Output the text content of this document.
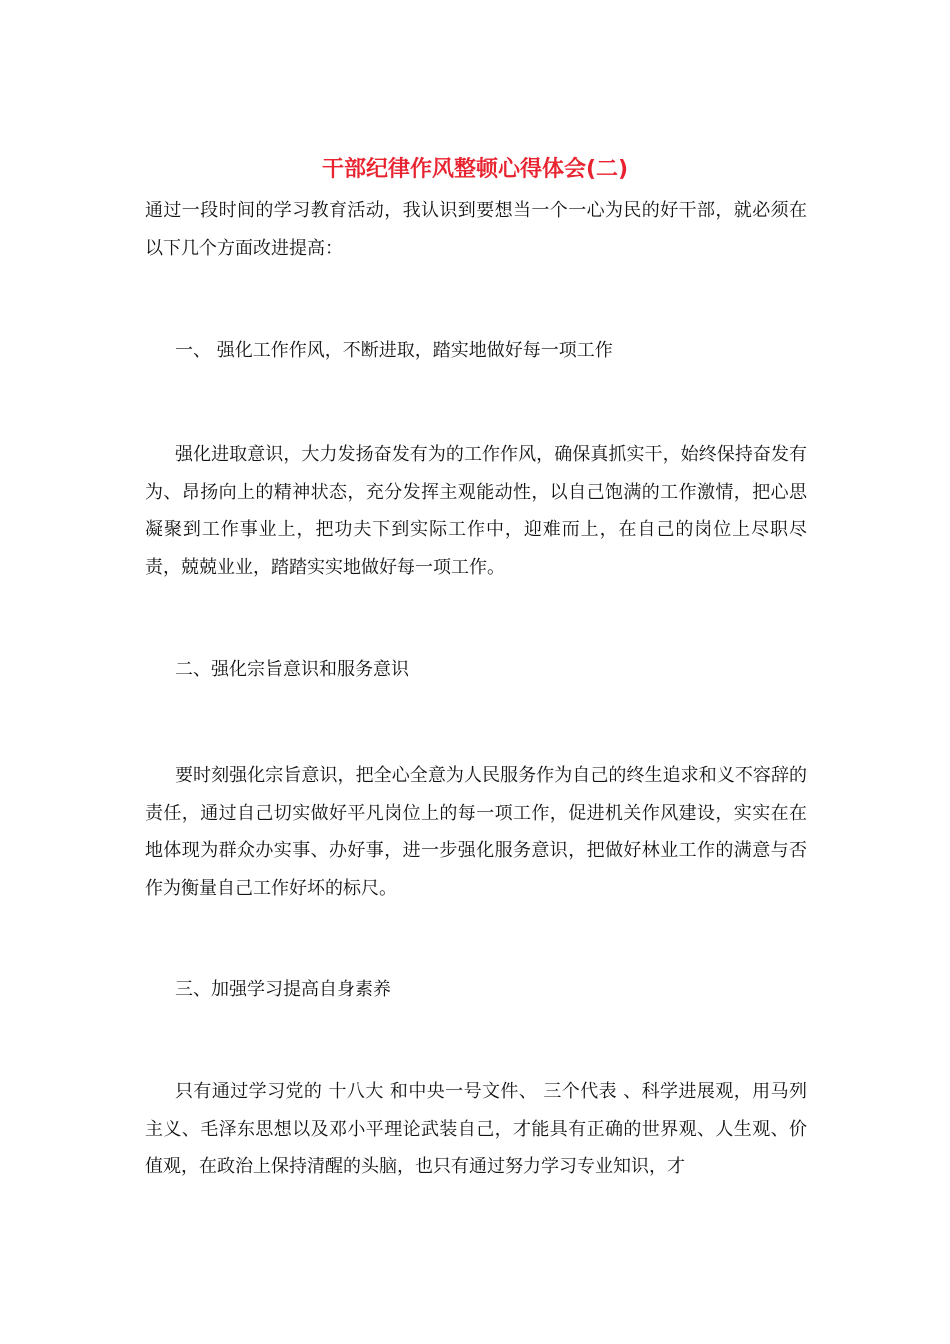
干部纪律作风整顿心得体会(二)

通过一段时间的学习教育活动，我认识到要想当一个一心为民的好干部，就必须在以下几个方面改进提高：

一、 强化工作作风，不断进取，踏实地做好每一项工作

强化进取意识，大力发扬奋发有为的工作作风，确保真抓实干，始终保持奋发有为、昂扬向上的精神状态，充分发挥主观能动性，以自己饱满的工作激情，把心思凝聚到工作事业上，把功夫下到实际工作中，迎难而上，在自己的岗位上尽职尽责，兢兢业业，踏踏实实地做好每一项工作。

二、强化宗旨意识和服务意识

要时刻强化宗旨意识，把全心全意为人民服务作为自己的终生追求和义不容辞的责任，通过自己切实做好平凡岗位上的每一项工作，促进机关作风建设，实实在在地体现为群众办实事、办好事，进一步强化服务意识，把做好林业工作的满意与否作为衡量自己工作好坏的标尺。

三、加强学习提高自身素养

只有通过学习党的 十八大 和中央一号文件、 三个代表 、科学进展观，用马列主义、毛泽东思想以及邓小平理论武装自己，才能具有正确的世界观、人生观、价值观，在政治上保持清醒的头脑，也只有通过努力学习专业知识，才
